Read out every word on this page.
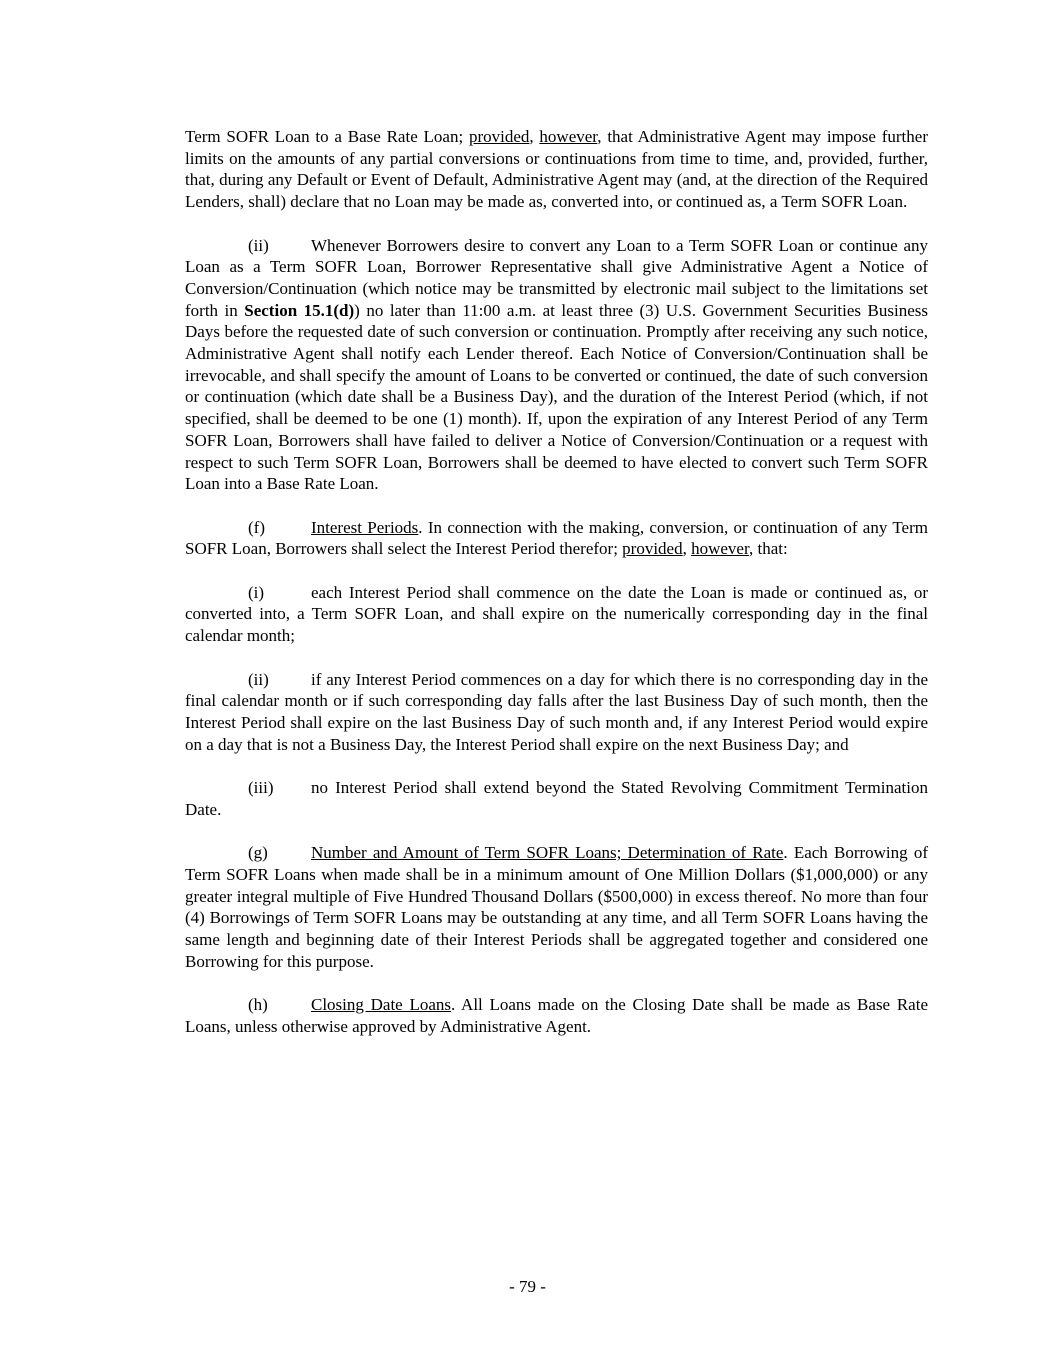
Term SOFR Loan to a Base Rate Loan; provided, however, that Administrative Agent may impose further limits on the amounts of any partial conversions or continuations from time to time, and, provided, further, that, during any Default or Event of Default, Administrative Agent may (and, at the direction of the Required Lenders, shall) declare that no Loan may be made as, converted into, or continued as, a Term SOFR Loan.

(ii) Whenever Borrowers desire to convert any Loan to a Term SOFR Loan or continue any Loan as a Term SOFR Loan, Borrower Representative shall give Administrative Agent a Notice of Conversion/Continuation (which notice may be transmitted by electronic mail subject to the limitations set forth in Section 15.1(d)) no later than 11:00 a.m. at least three (3) U.S. Government Securities Business Days before the requested date of such conversion or continuation. Promptly after receiving any such notice, Administrative Agent shall notify each Lender thereof. Each Notice of Conversion/Continuation shall be irrevocable, and shall specify the amount of Loans to be converted or continued, the date of such conversion or continuation (which date shall be a Business Day), and the duration of the Interest Period (which, if not specified, shall be deemed to be one (1) month). If, upon the expiration of any Interest Period of any Term SOFR Loan, Borrowers shall have failed to deliver a Notice of Conversion/Continuation or a request with respect to such Term SOFR Loan, Borrowers shall be deemed to have elected to convert such Term SOFR Loan into a Base Rate Loan.

(f)	Interest Periods. In connection with the making, conversion, or continuation of any Term SOFR Loan, Borrowers shall select the Interest Period therefor; provided, however, that:

(i)	each Interest Period shall commence on the date the Loan is made or continued as, or converted into, a Term SOFR Loan, and shall expire on the numerically corresponding day in the final calendar month;

(ii) if any Interest Period commences on a day for which there is no corresponding day in the final calendar month or if such corresponding day falls after the last Business Day of such month, then the Interest Period shall expire on the last Business Day of such month and, if any Interest Period would expire on a day that is not a Business Day, the Interest Period shall expire on the next Business Day; and

(iii) no Interest Period shall extend beyond the Stated Revolving Commitment Termination Date.

(g)	Number and Amount of Term SOFR Loans; Determination of Rate. Each Borrowing of Term SOFR Loans when made shall be in a minimum amount of One Million Dollars ($1,000,000) or any greater integral multiple of Five Hundred Thousand Dollars ($500,000) in excess thereof. No more than four (4) Borrowings of Term SOFR Loans may be outstanding at any time, and all Term SOFR Loans having the same length and beginning date of their Interest Periods shall be aggregated together and considered one Borrowing for this purpose.

(h)	Closing Date Loans. All Loans made on the Closing Date shall be made as Base Rate Loans, unless otherwise approved by Administrative Agent.

- 79 -
